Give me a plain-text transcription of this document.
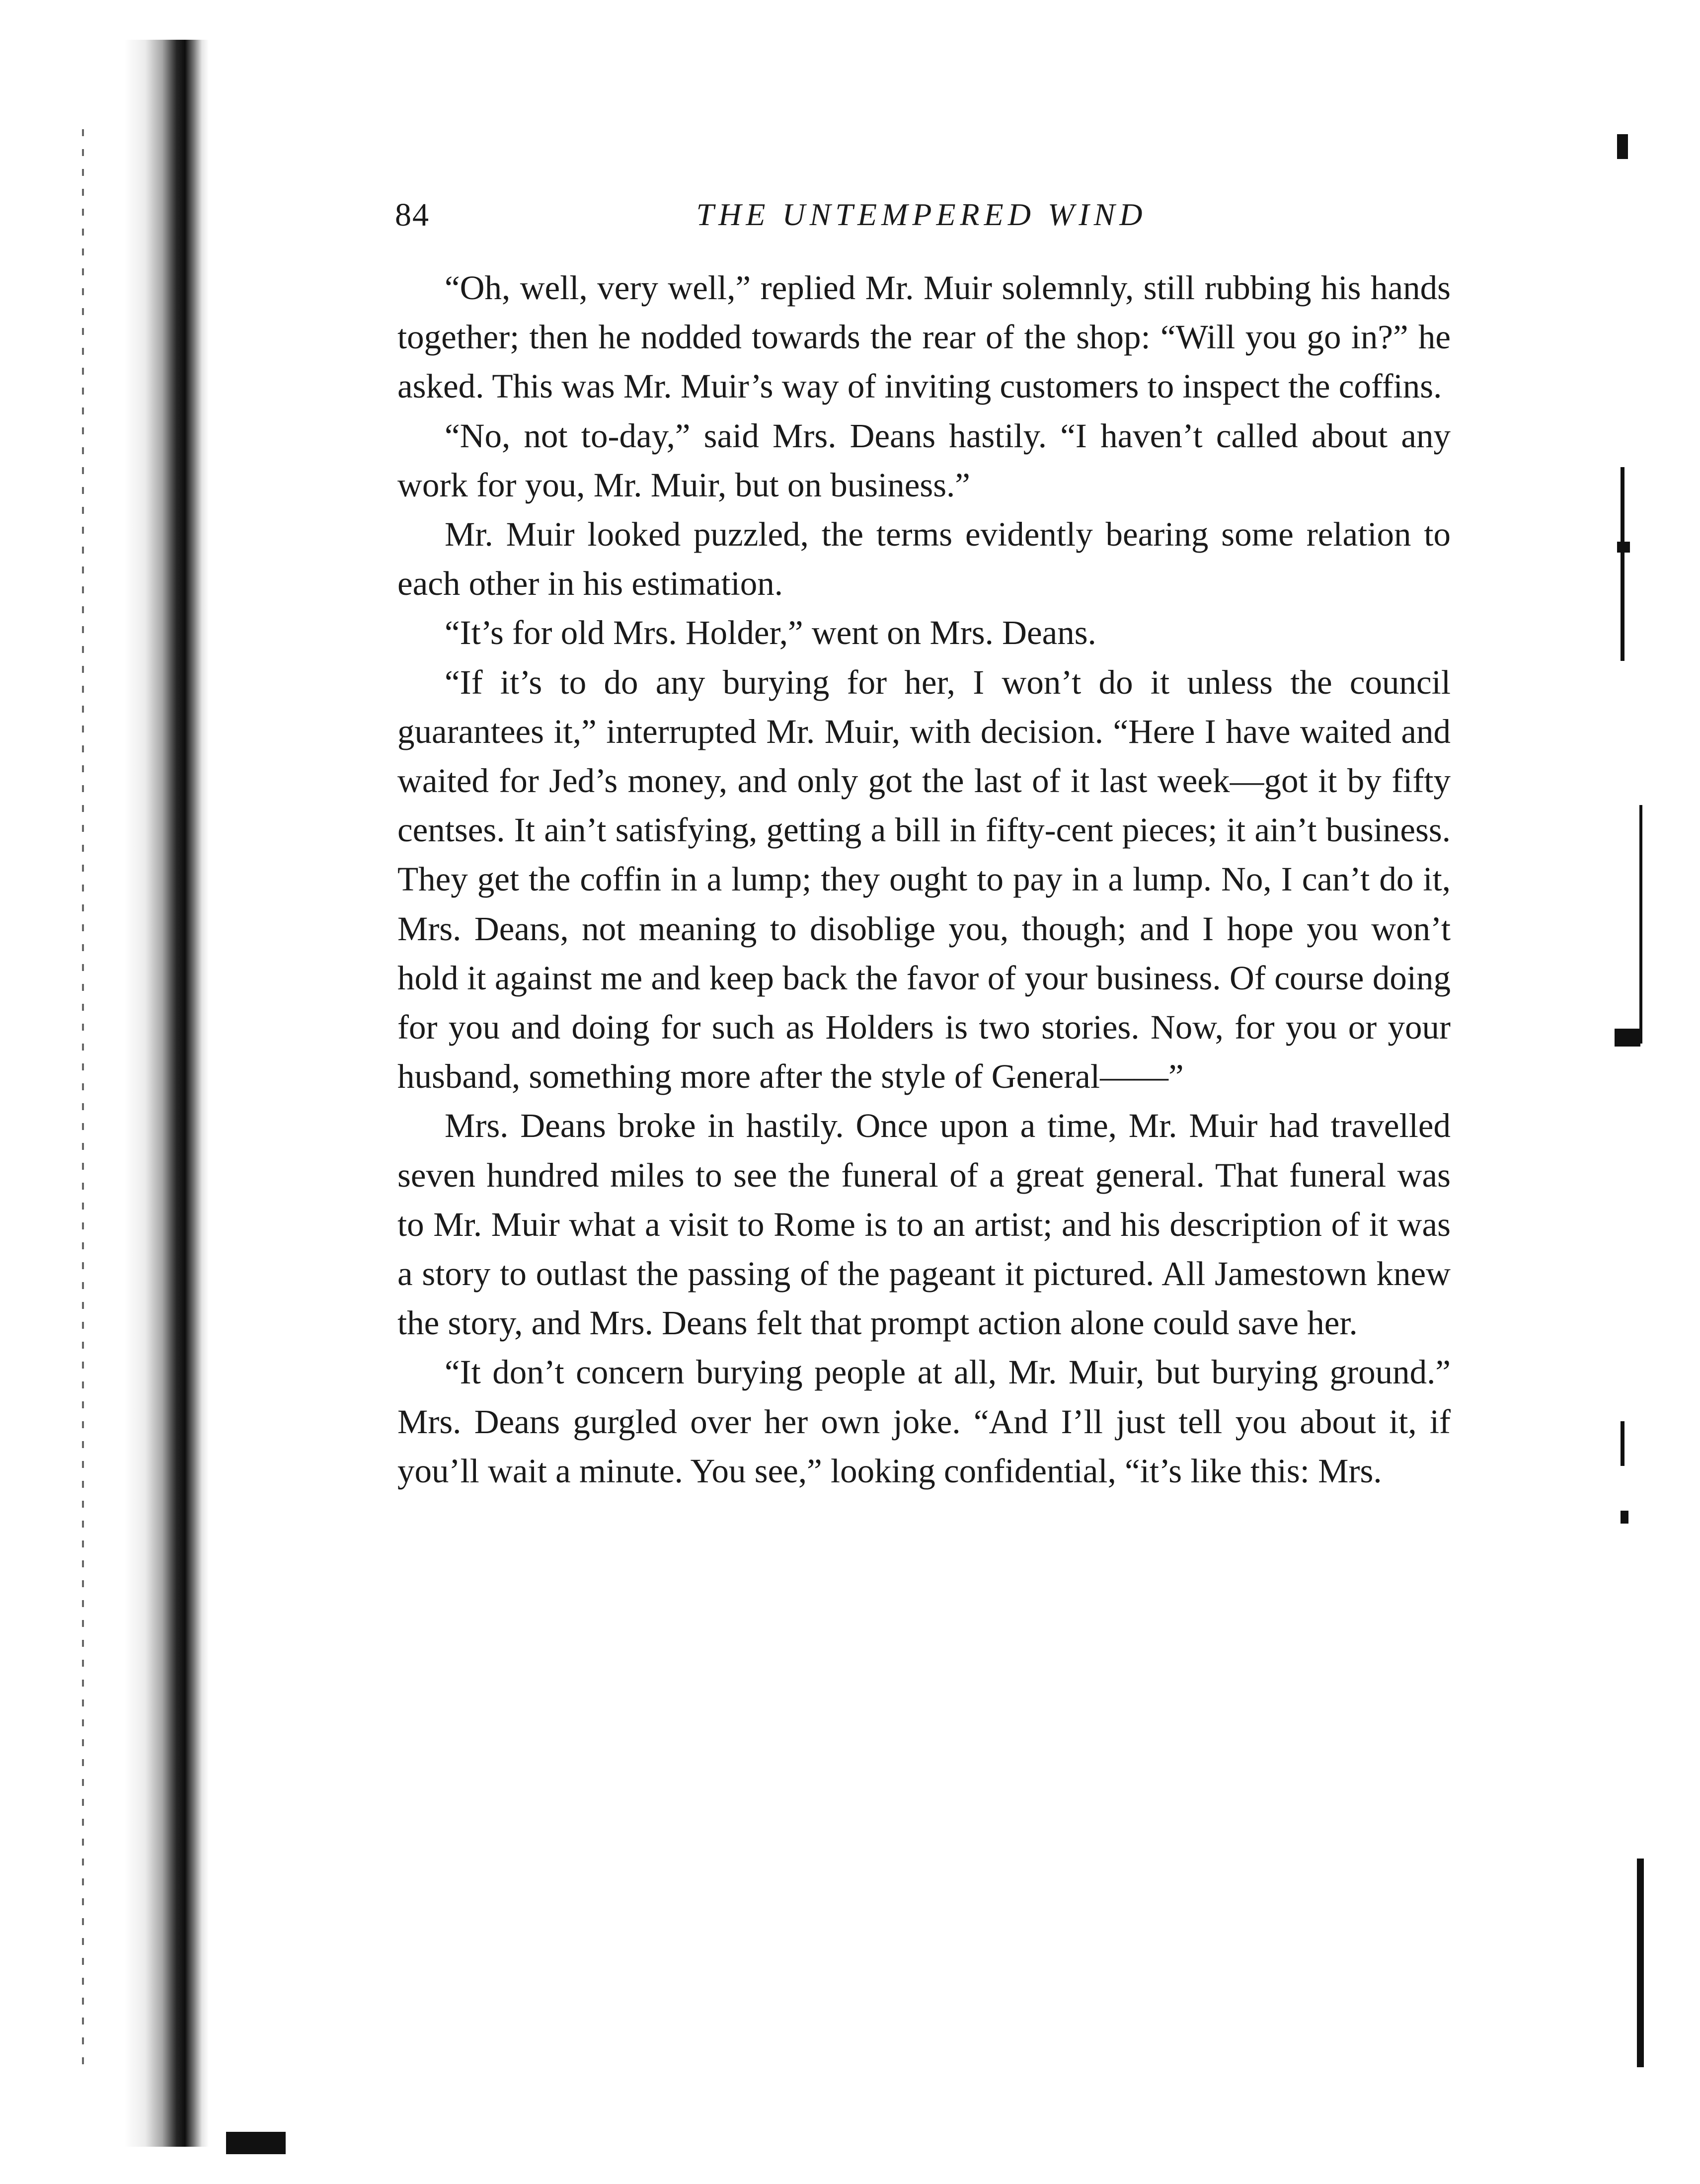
84	THE UNTEMPERED WIND

“Oh, well, very well,” replied Mr. Muir solemnly, still rubbing his hands together; then he nodded towards the rear of the shop: “Will you go in?” he asked. This was Mr. Muir’s way of inviting customers to inspect the coffins.

“No, not to-day,” said Mrs. Deans hastily. “I haven’t called about any work for you, Mr. Muir, but on business.”

Mr. Muir looked puzzled, the terms evidently bearing some relation to each other in his estimation.

“It’s for old Mrs. Holder,” went on Mrs. Deans.

“If it’s to do any burying for her, I won’t do it unless the council guarantees it,” interrupted Mr. Muir, with decision. “Here I have waited and waited for Jed’s money, and only got the last of it last week—got it by fifty centses. It ain’t satisfying, getting a bill in fifty-cent pieces; it ain’t business. They get the coffin in a lump; they ought to pay in a lump. No, I can’t do it, Mrs. Deans, not meaning to disoblige you, though; and I hope you won’t hold it against me and keep back the favor of your business. Of course doing for you and doing for such as Holders is two stories. Now, for you or your husband, something more after the style of General——”

Mrs. Deans broke in hastily. Once upon a time, Mr. Muir had travelled seven hundred miles to see the funeral of a great general. That funeral was to Mr. Muir what a visit to Rome is to an artist; and his description of it was a story to outlast the passing of the pageant it pictured. All Jamestown knew the story, and Mrs. Deans felt that prompt action alone could save her.

“It don’t concern burying people at all, Mr. Muir, but burying ground.” Mrs. Deans gurgled over her own joke. “And I’ll just tell you about it, if you’ll wait a minute. You see,” looking confidential, “it’s like this: Mrs.
